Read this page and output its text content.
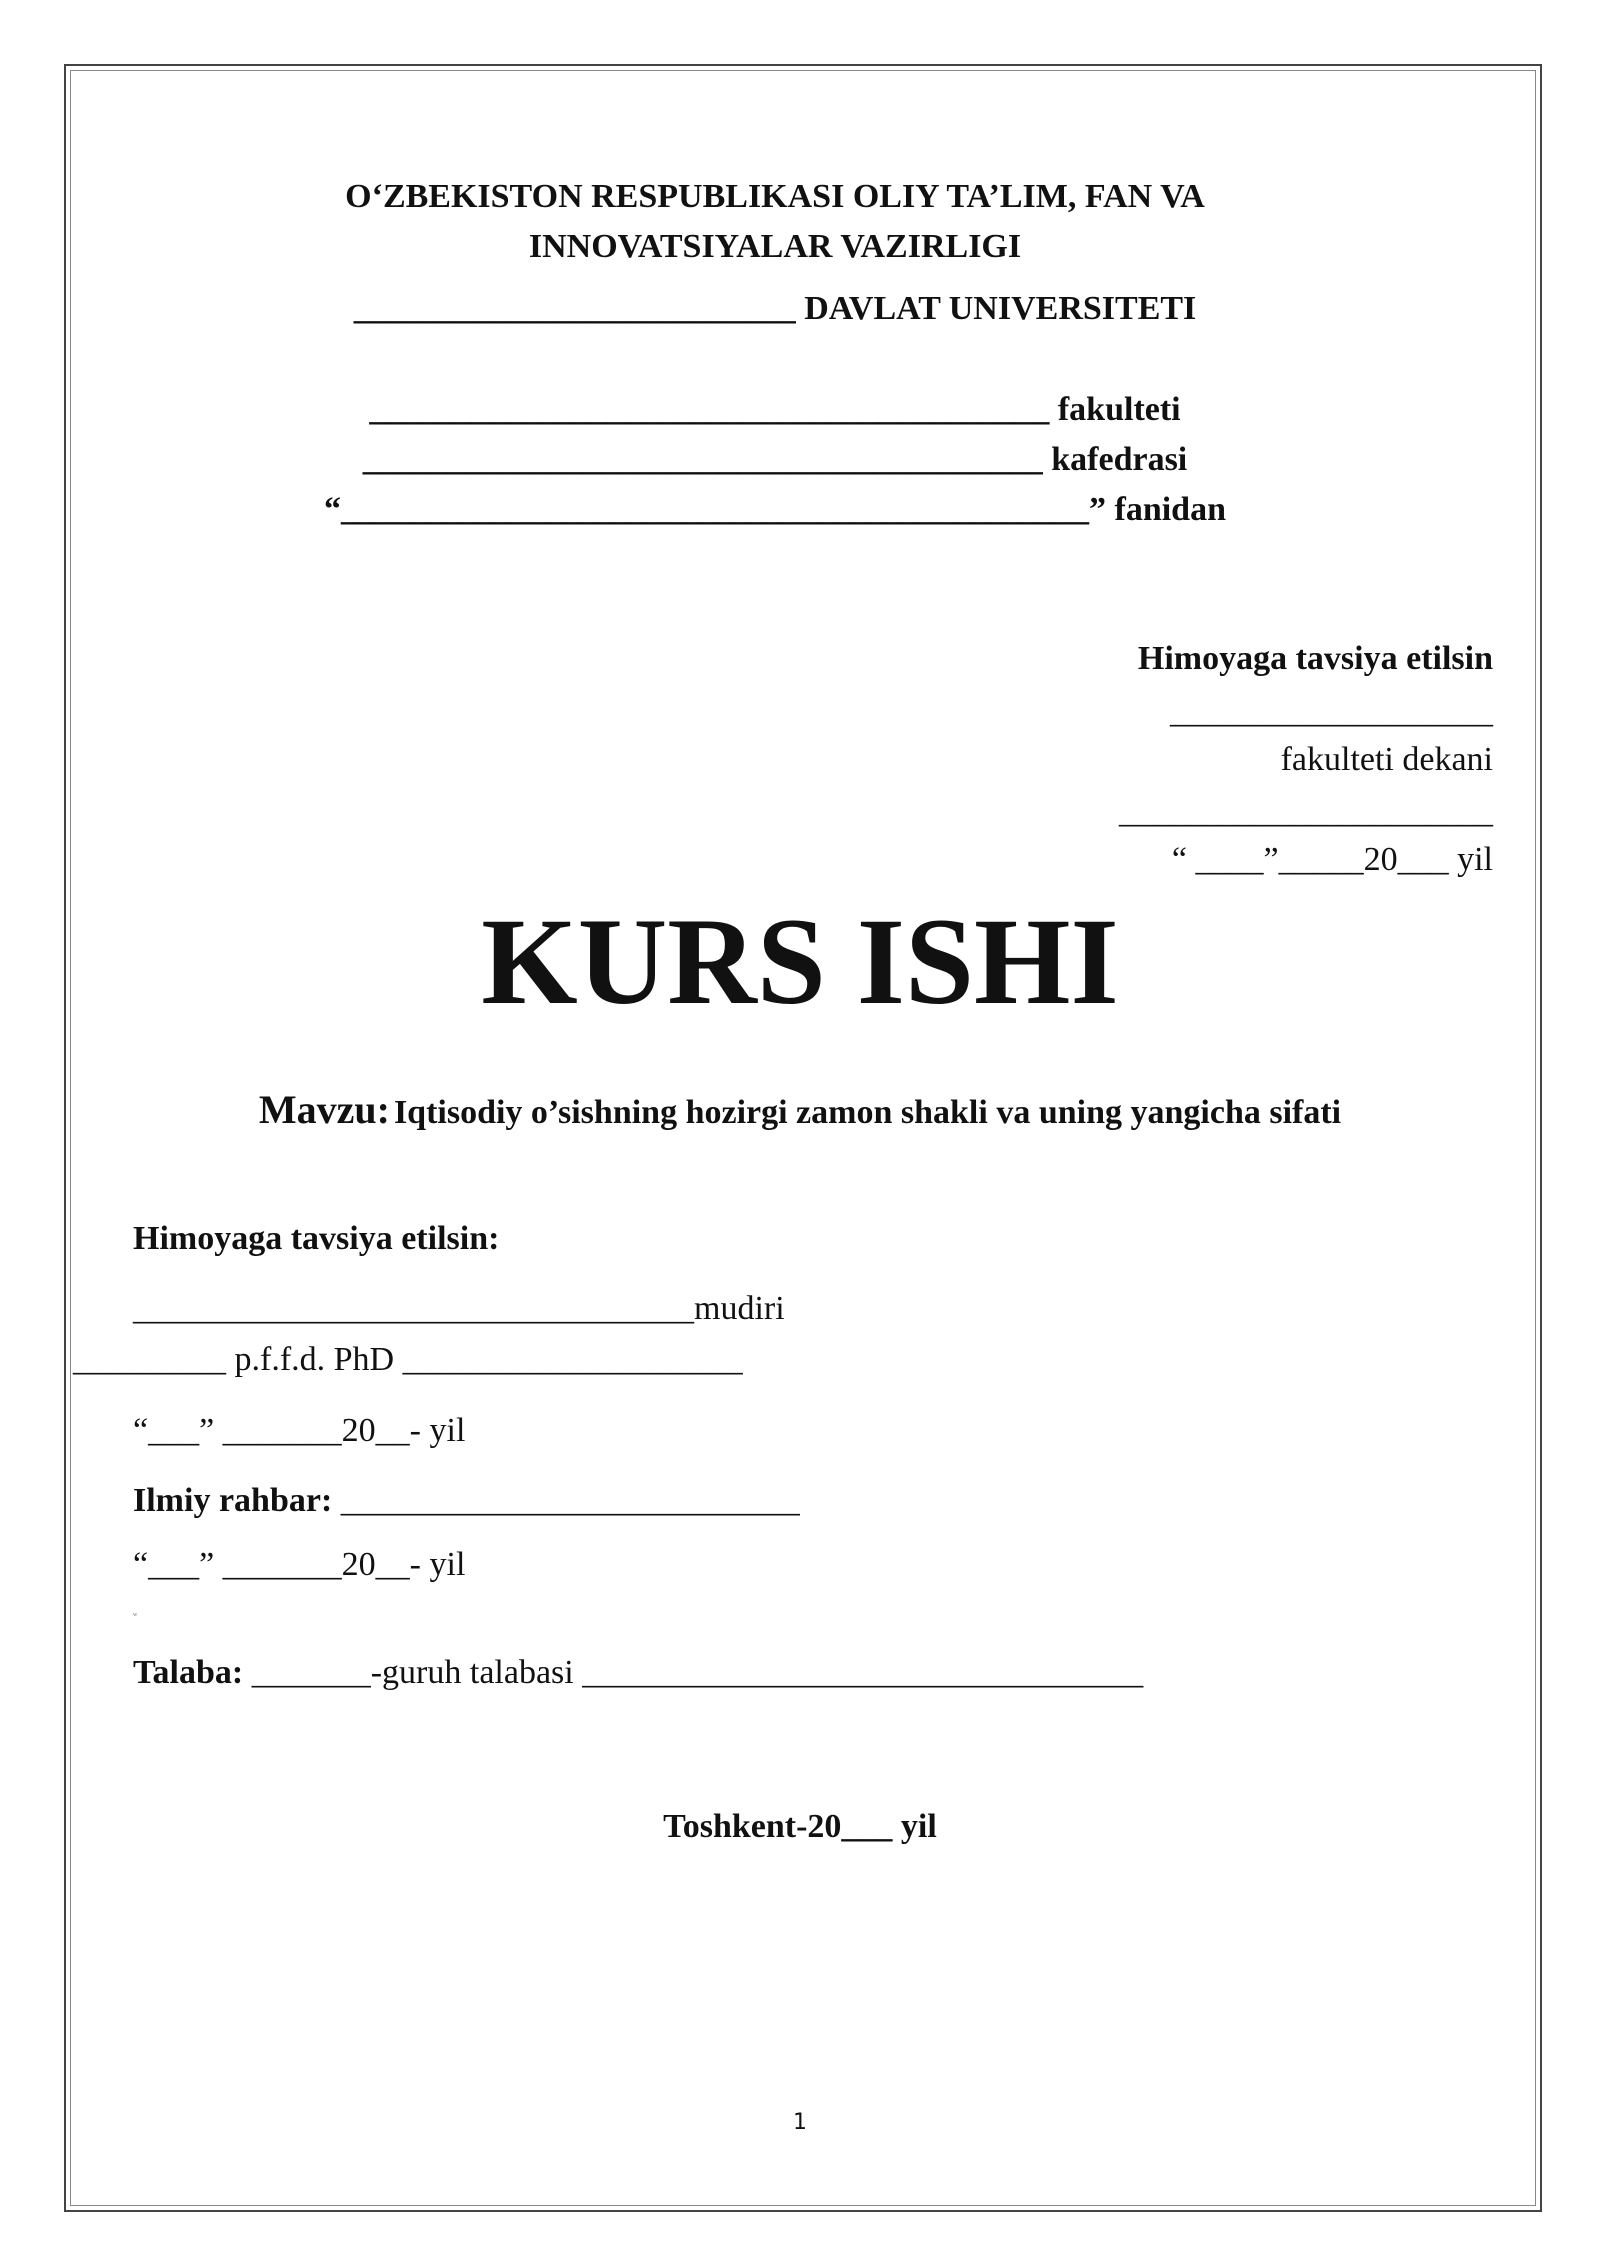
O‘ZBEKISTON RESPUBLIKASI OLIY TA’LIM, FAN VA INNOVATSIYALAR VAZIRLIGI
__________________________ DAVLAT UNIVERSITETI
________________________________________ fakulteti
________________________________________ kafedrasi
“____________________________________________” fanidan
Himoyaga tavsiya etilsin
___________________
fakulteti dekani
______________________
“ ____”_____20___ yil
KURS ISHI
Mavzu: Iqtisodiy o’sishning hozirgi zamon shakli va uning yangicha sifati
Himoyaga tavsiya etilsin:
_________________________________mudiri
_________ p.f.f.d. PhD ____________________
“___” _______20__- yil
Ilmiy rahbar: ___________________________
“___” _______20__- yil
w
Talaba: _______-guruh talabasi _________________________________
Toshkent-20___ yil
1
